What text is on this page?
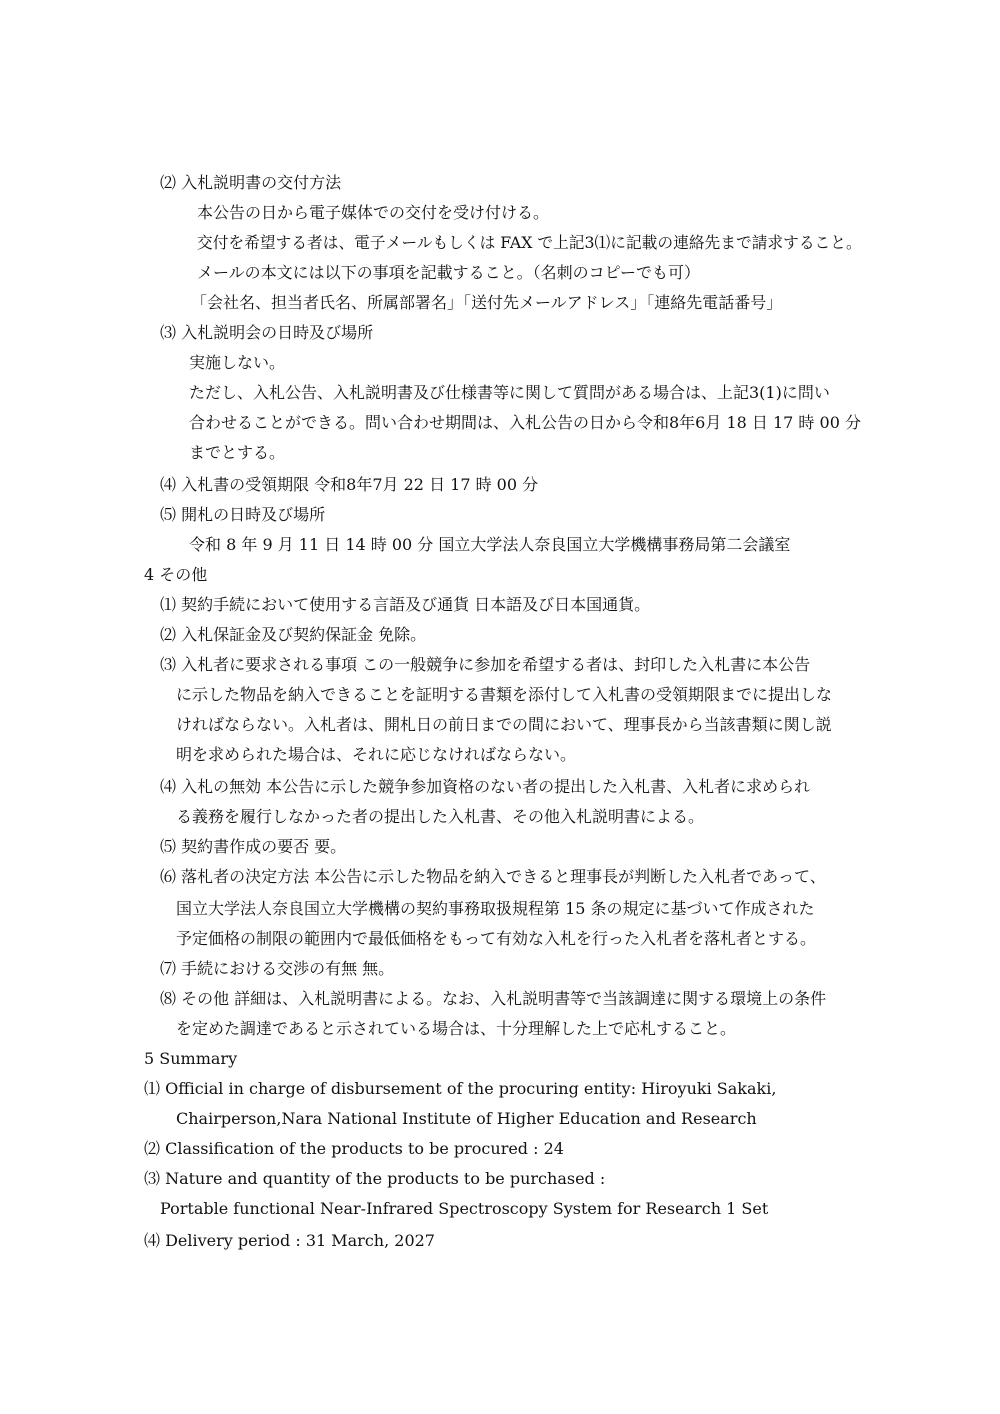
⑵ 入札説明書の交付方法
本公告の日から電子媒体での交付を受け付ける。
交付を希望する者は、電子メールもしくは FAX で上記3⑴に記載の連絡先まで請求すること。
メールの本文には以下の事項を記載すること。（名刺のコピーでも可）
「会社名、担当者氏名、所属部署名」「送付先メールアドレス」「連絡先電話番号」
⑶ 入札説明会の日時及び場所
実施しない。
ただし、入札公告、入札説明書及び仕様書等に関して質問がある場合は、上記3(1)に問い
合わせることができる。問い合わせ期間は、入札公告の日から令和8年6月 18 日 17 時 00 分
までとする。
⑷ 入札書の受領期限 令和8年7月 22 日 17 時 00 分
⑸ 開札の日時及び場所
令和 8 年 9 月 11 日 14 時 00 分 国立大学法人奈良国立大学機構事務局第二会議室
4 その他
⑴ 契約手続において使用する言語及び通貨 日本語及び日本国通貨。
⑵ 入札保証金及び契約保証金 免除。
⑶ 入札者に要求される事項 この一般競争に参加を希望する者は、封印した入札書に本公告
に示した物品を納入できることを証明する書類を添付して入札書の受領期限までに提出しな
ければならない。入札者は、開札日の前日までの間において、理事長から当該書類に関し説
明を求められた場合は、それに応じなければならない。
⑷ 入札の無効 本公告に示した競争参加資格のない者の提出した入札書、入札者に求められ
る義務を履行しなかった者の提出した入札書、その他入札説明書による。
⑸ 契約書作成の要否 要。
⑹ 落札者の決定方法 本公告に示した物品を納入できると理事長が判断した入札者であって、
国立大学法人奈良国立大学機構の契約事務取扱規程第 15 条の規定に基づいて作成された
予定価格の制限の範囲内で最低価格をもって有効な入札を行った入札者を落札者とする。
⑺ 手続における交渉の有無 無。
⑻ その他 詳細は、入札説明書による。なお、入札説明書等で当該調達に関する環境上の条件
を定めた調達であると示されている場合は、十分理解した上で応札すること。
5 Summary
⑴ Official in charge of disbursement of the procuring entity: Hiroyuki Sakaki,
Chairperson,Nara National Institute of Higher Education and Research
⑵ Classification of the products to be procured : 24
⑶ Nature and quantity of the products to be purchased :
Portable functional Near-Infrared Spectroscopy System for Research 1 Set
⑷ Delivery period : 31 March, 2027
